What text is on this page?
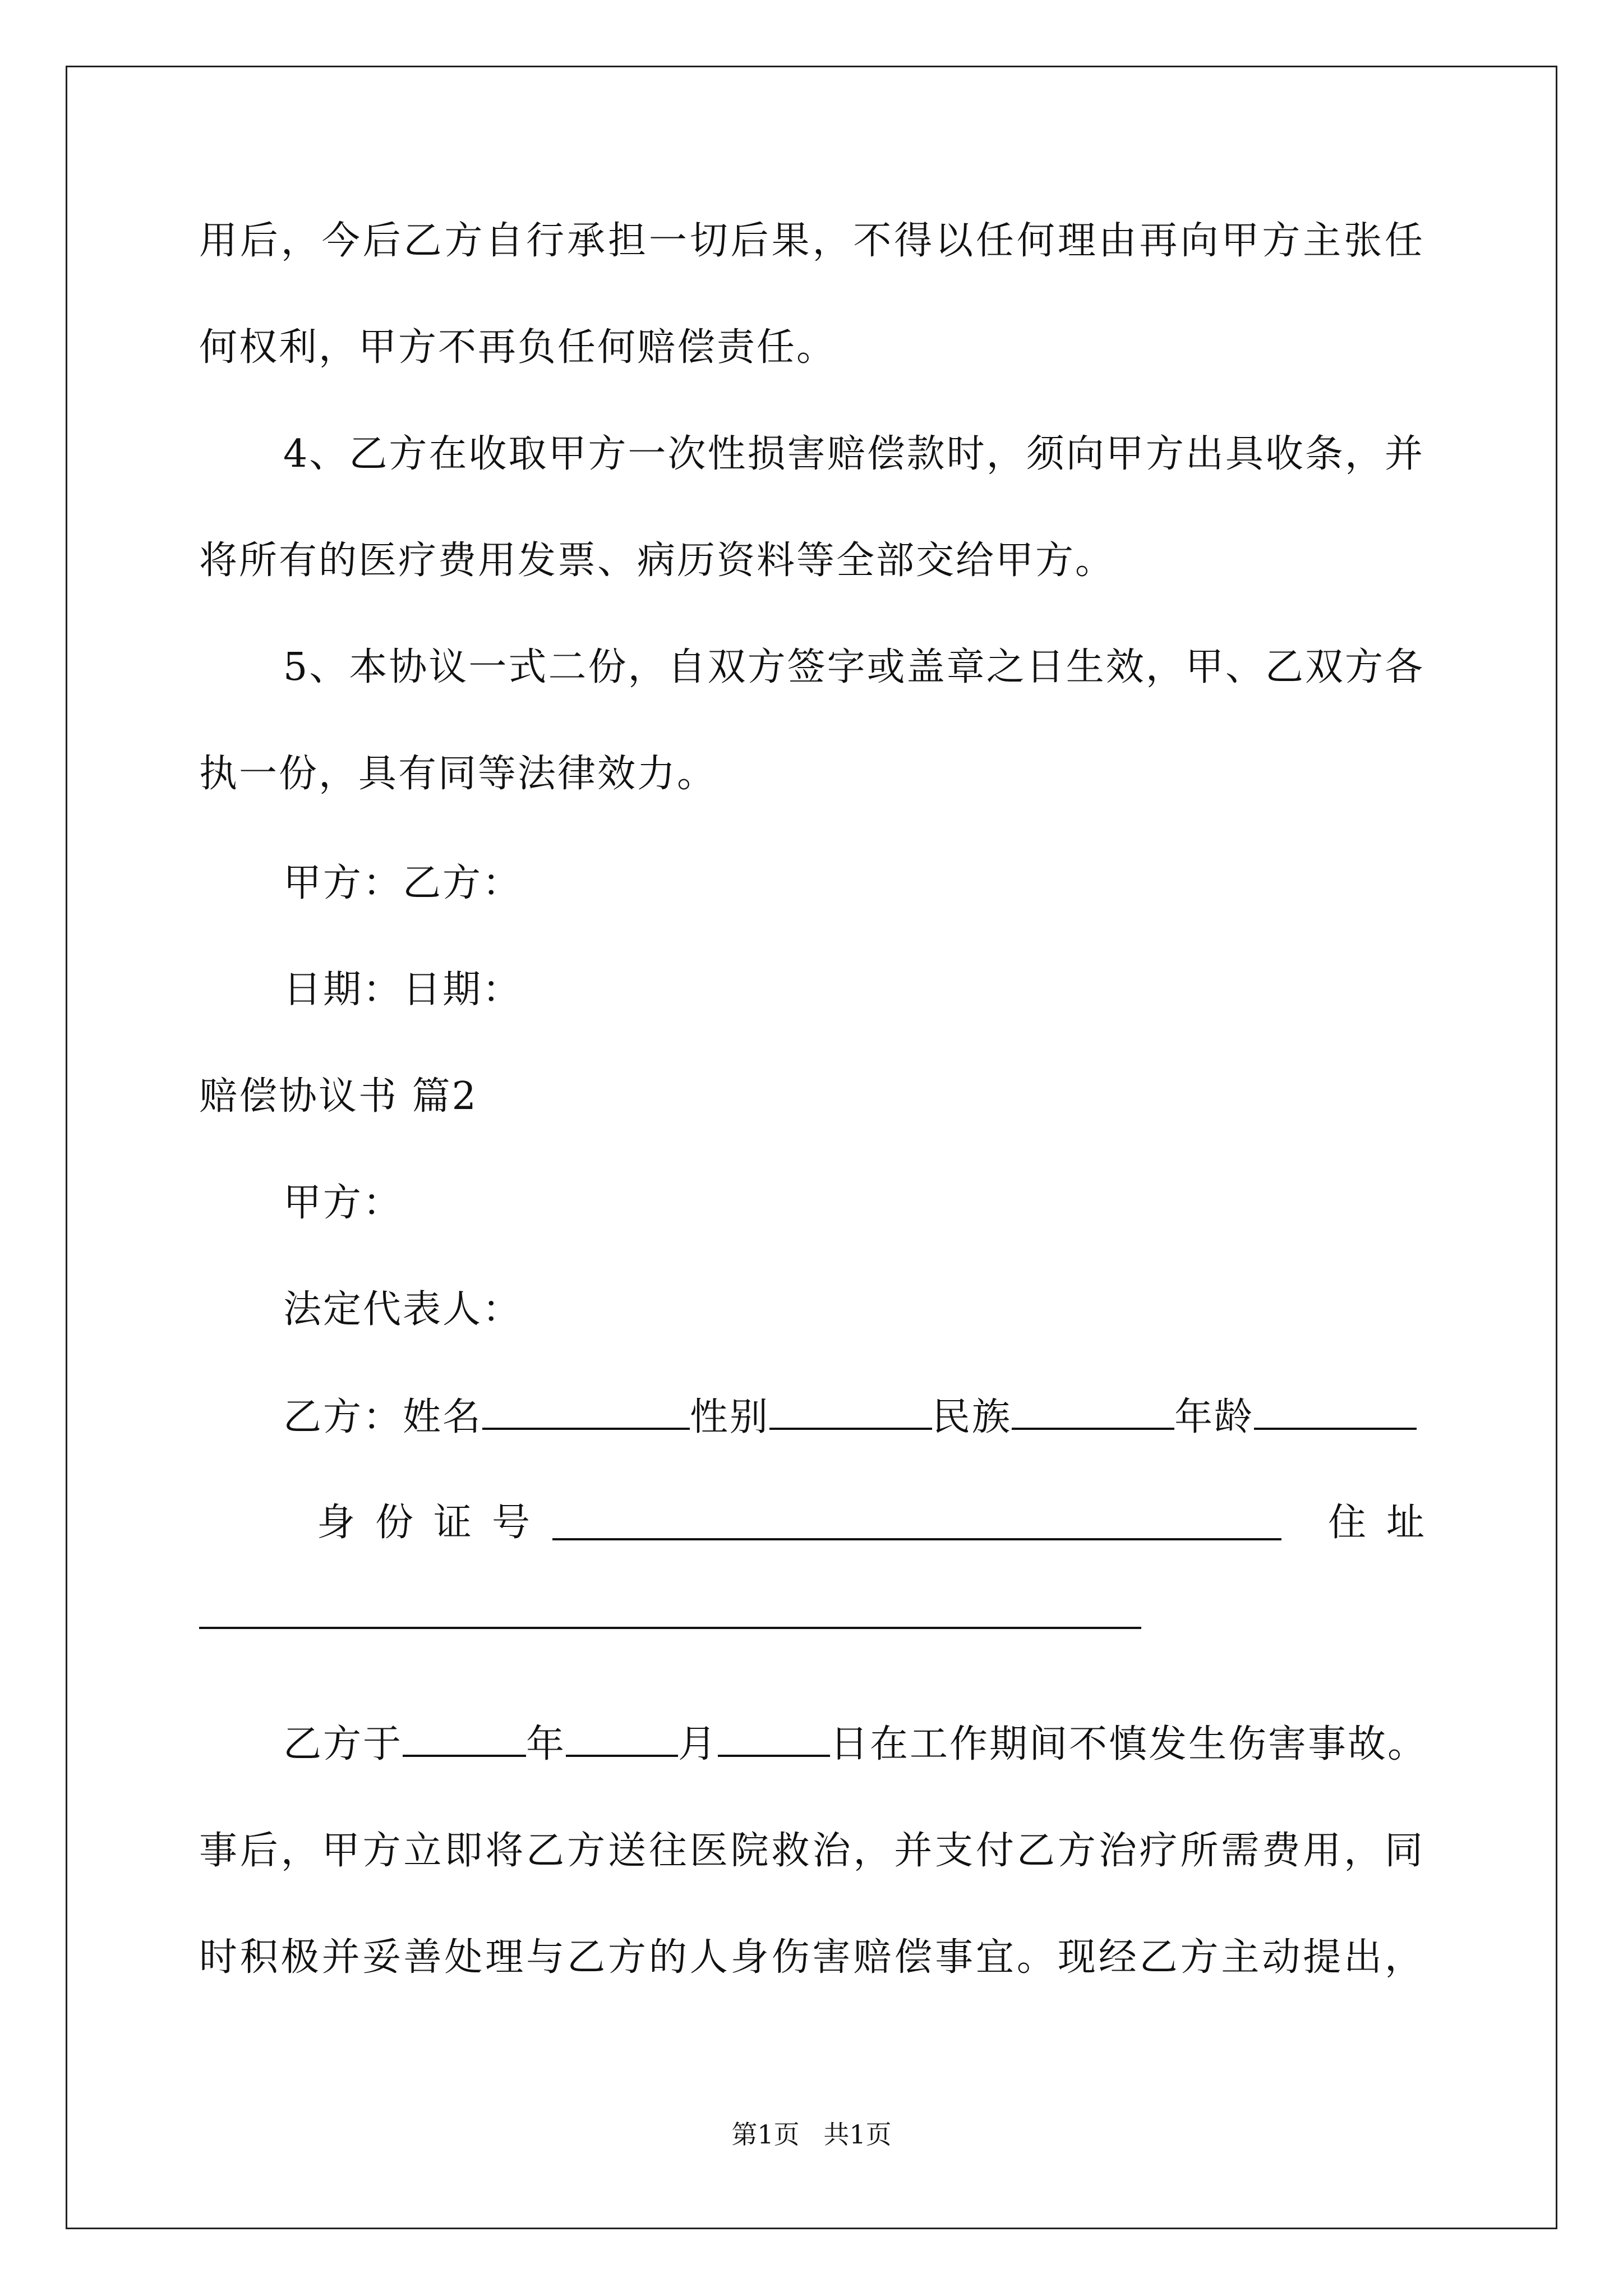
用后，今后乙方自行承担一切后果，不得以任何理由再向甲方主张任
何权利，甲方不再负任何赔偿责任。
4、乙方在收取甲方一次性损害赔偿款时，须向甲方出具收条，并
将所有的医疗费用发票、病历资料等全部交给甲方。
5、本协议一式二份，自双方签字或盖章之日生效，甲、乙双方各
执一份，具有同等法律效力。
甲方：乙方：
日期：日期：
赔偿协议书 篇2
甲方：
法定代表人：
乙方：姓名	性别	民族	年龄
身份证号	住址
乙方于	年	月	日在工作期间不慎发生伤害事故。
事后，甲方立即将乙方送往医院救治，并支付乙方治疗所需费用，同
时积极并妥善处理与乙方的人身伤害赔偿事宜。现经乙方主动提出，
第1页 共1页
